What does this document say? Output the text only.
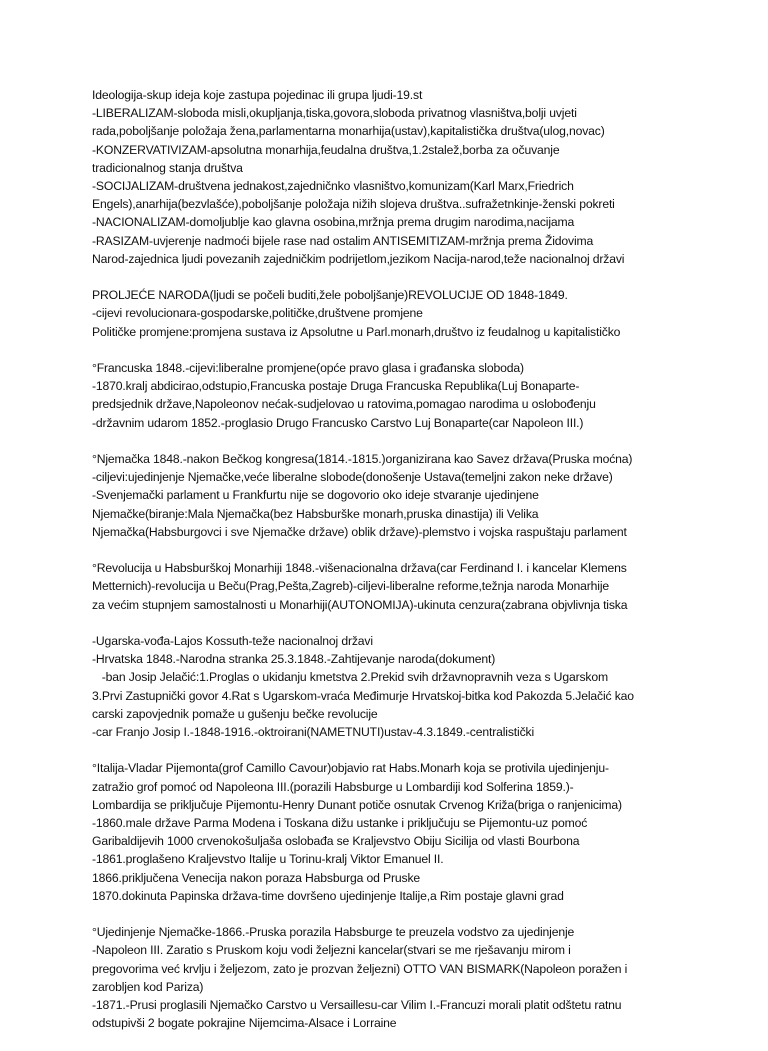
Ideologija-skup ideja koje zastupa pojedinac ili grupa ljudi-19.st
-LIBERALIZAM-sloboda misli,okupljanja,tiska,govora,sloboda privatnog vlasništva,bolji uvjeti
rada,poboljšanje položaja žena,parlamentarna monarhija(ustav),kapitalistička društva(ulog,novac)
-KONZERVATIVIZAM-apsolutna monarhija,feudalna društva,1.2stalež,borba za očuvanje
tradicionalnog stanja društva
-SOCIJALIZAM-društvena jednakost,zajedničnko vlasništvo,komunizam(Karl Marx,Friedrich
Engels),anarhija(bezvlašće),poboljšanje položaja nižih slojeva društva..sufražetnkinje-ženski pokreti
-NACIONALIZAM-domoljublje kao glavna osobina,mržnja prema drugim narodima,nacijama
-RASIZAM-uvjerenje nadmoći bijele rase nad ostalim ANTISEMITIZAM-mržnja prema Židovima
Narod-zajednica ljudi povezanih zajedničkim podrijetlom,jezikom Nacija-narod,teže nacionalnoj državi
PROLJEĆE NARODA(ljudi se počeli buditi,žele poboljšanje)REVOLUCIJE OD 1848-1849.
-cijevi revolucionara-gospodarske,političke,društvene promjene
Političke promjene:promjena sustava iz Apsolutne u Parl.monarh,društvo iz feudalnog u kapitalističko
°Francuska 1848.-cijevi:liberalne promjene(opće pravo glasa i građanska sloboda)
-1870.kralj abdicirao,odstupio,Francuska postaje Druga Francuska Republika(Luj Bonaparte-
predsjednik države,Napoleonov nećak-sudjelovao u ratovima,pomagao narodima u oslobođenju
-državnim udarom 1852.-proglasio Drugo Francusko Carstvo Luj Bonaparte(car Napoleon III.)
°Njemačka 1848.-nakon Bečkog kongresa(1814.-1815.)organizirana kao Savez država(Pruska moćna)
-ciljevi:ujedinjenje Njemačke,veće liberalne slobode(donošenje Ustava(temeljni zakon neke države)
-Svenjemački parlament u Frankfurtu nije se dogovorio oko ideje stvaranje ujedinjene
Njemačke(biranje:Mala Njemačka(bez Habsburške monarh,pruska dinastija) ili Velika
Njemačka(Habsburgovci i sve Njemačke države) oblik države)-plemstvo i vojska raspuštaju parlament
°Revolucija u Habsburškoj Monarhiji 1848.-višenacionalna država(car Ferdinand I. i kancelar Klemens
Metternich)-revolucija u Beču(Prag,Pešta,Zagreb)-ciljevi-liberalne reforme,težnja naroda Monarhije
za većim stupnjem samostalnosti u Monarhiji(AUTONOMIJA)-ukinuta cenzura(zabrana objvlivnja tiska
-Ugarska-vođa-Lajos Kossuth-teže nacionalnoj državi
-Hrvatska 1848.-Narodna stranka 25.3.1848.-Zahtijevanje naroda(dokument)
-ban Josip Jelačić:1.Proglas o ukidanju kmetstva 2.Prekid svih državnopravnih veza s Ugarskom
3.Prvi Zastupnički govor 4.Rat s Ugarskom-vraća Međimurje Hrvatskoj-bitka kod Pakozda 5.Jelačić kao
carski zapovjednik pomaže u gušenju bečke revolucije
-car Franjo Josip I.-1848-1916.-oktroirani(NAMETNUTI)ustav-4.3.1849.-centralistički
°Italija-Vladar Pijemonta(grof Camillo Cavour)objavio rat Habs.Monarh koja se protivila ujedinjenju-
zatražio grof pomoć od Napoleona III.(porazili Habsburge u Lombardiji kod Solferina 1859.)-
Lombardija se priključuje Pijemontu-Henry Dunant potiče osnutak Crvenog Križa(briga o ranjenicima)
-1860.male države Parma Modena i Toskana dižu ustanke i priključuju se Pijemontu-uz pomoć
Garibaldijevih 1000 crvenokošuljaša oslobađa se Kraljevstvo Obiju Sicilija od vlasti Bourbona
-1861.proglašeno Kraljevstvo Italije u Torinu-kralj Viktor Emanuel II.
1866.priključena Venecija nakon poraza Habsburga od Pruske
1870.dokinuta Papinska država-time dovršeno ujedinjenje Italije,a Rim postaje glavni grad
°Ujedinjenje Njemačke-1866.-Pruska porazila Habsburge te preuzela vodstvo za ujedinjenje
-Napoleon III. Zaratio s Pruskom koju vodi željezni kancelar(stvari se me rješavanju mirom i
pregovorima već krvlju i željezom, zato je prozvan željezni) OTTO VAN BISMARK(Napoleon poražen i
zarobljen kod Pariza)
-1871.-Prusi proglasili Njemačko Carstvo u Versaillesu-car Vilim I.-Francuzi morali platit odštetu ratnu
odstupivši 2 bogate pokrajine Nijemcima-Alsace i Lorraine
